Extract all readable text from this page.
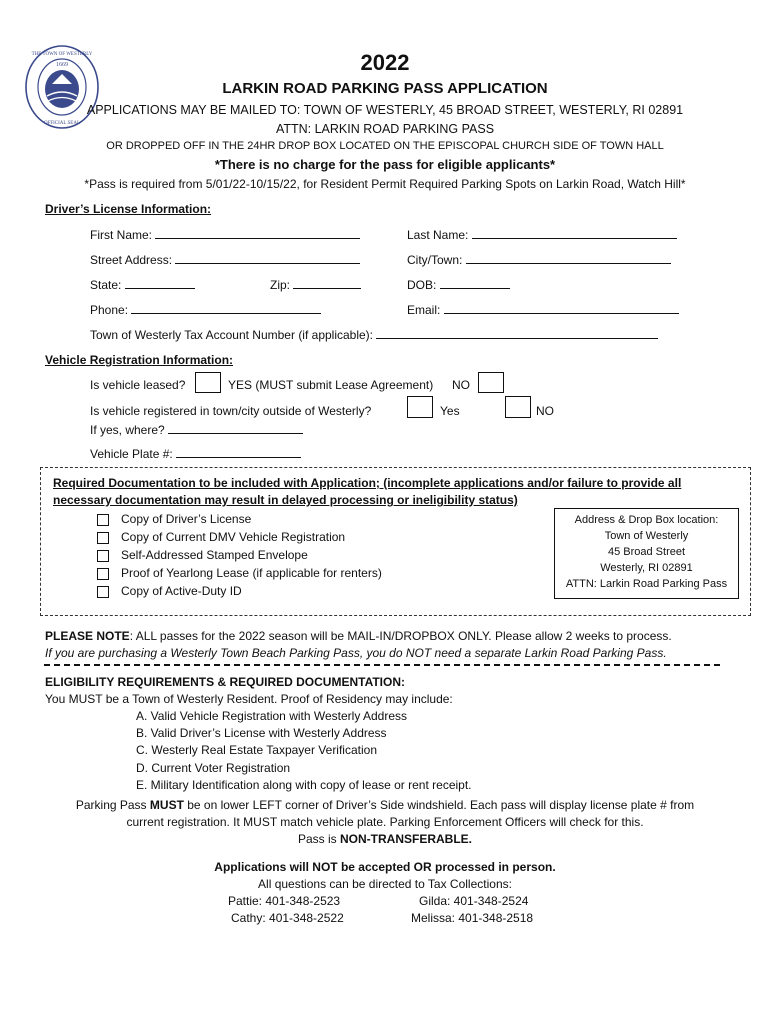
1669
THE TOWN OF WESTERLY
OFFICIAL SEAL
2022
LARKIN ROAD PARKING PASS APPLICATION
APPLICATIONS MAY BE MAILED TO: TOWN OF WESTERLY, 45 BROAD STREET, WESTERLY, RI 02891
ATTN: LARKIN ROAD PARKING PASS
OR DROPPED OFF IN THE 24HR DROP BOX LOCATED ON THE EPISCOPAL CHURCH SIDE OF TOWN HALL
*There is no charge for the pass for eligible applicants*
*Pass is required from 5/01/22-10/15/22, for Resident Permit Required Parking Spots on Larkin Road, Watch Hill*
Driver’s License Information:
First Name:	Last Name:
Street Address:	City/Town:
State:	Zip:	DOB:
Phone:	Email:
Town of Westerly Tax Account Number (if applicable):
Vehicle Registration Information:
Is vehicle leased?	YES (MUST submit Lease Agreement) NO
Is vehicle registered in town/city outside of Westerly?	Yes	NO
If yes, where?
Vehicle Plate #:
Required Documentation to be included with Application; (incomplete applications and/or failure to provide all
necessary documentation may result in delayed processing or ineligibility status)
Copy of Driver’s License
Copy of Current DMV Vehicle Registration
Self-Addressed Stamped Envelope
Proof of Yearlong Lease (if applicable for renters)
Copy of Active-Duty ID
Address & Drop Box location:
Town of Westerly
45 Broad Street
Westerly, RI 02891
ATTN: Larkin Road Parking Pass
PLEASE NOTE: ALL passes for the 2022 season will be MAIL-IN/DROPBOX ONLY. Please allow 2 weeks to process.
If you are purchasing a Westerly Town Beach Parking Pass, you do NOT need a separate Larkin Road Parking Pass.
ELIGIBILITY REQUIREMENTS & REQUIRED DOCUMENTATION:
You MUST be a Town of Westerly Resident. Proof of Residency may include:
A. Valid Vehicle Registration with Westerly Address
B. Valid Driver’s License with Westerly Address
C. Westerly Real Estate Taxpayer Verification
D. Current Voter Registration
E. Military Identification along with copy of lease or rent receipt.
Parking Pass MUST be on lower LEFT corner of Driver’s Side windshield. Each pass will display license plate # from
current registration. It MUST match vehicle plate. Parking Enforcement Officers will check for this.
Pass is NON-TRANSFERABLE.
Applications will NOT be accepted OR processed in person.
All questions can be directed to Tax Collections:
Pattie: 401-348-2523	Gilda: 401-348-2524
Cathy: 401-348-2522	Melissa: 401-348-2518
